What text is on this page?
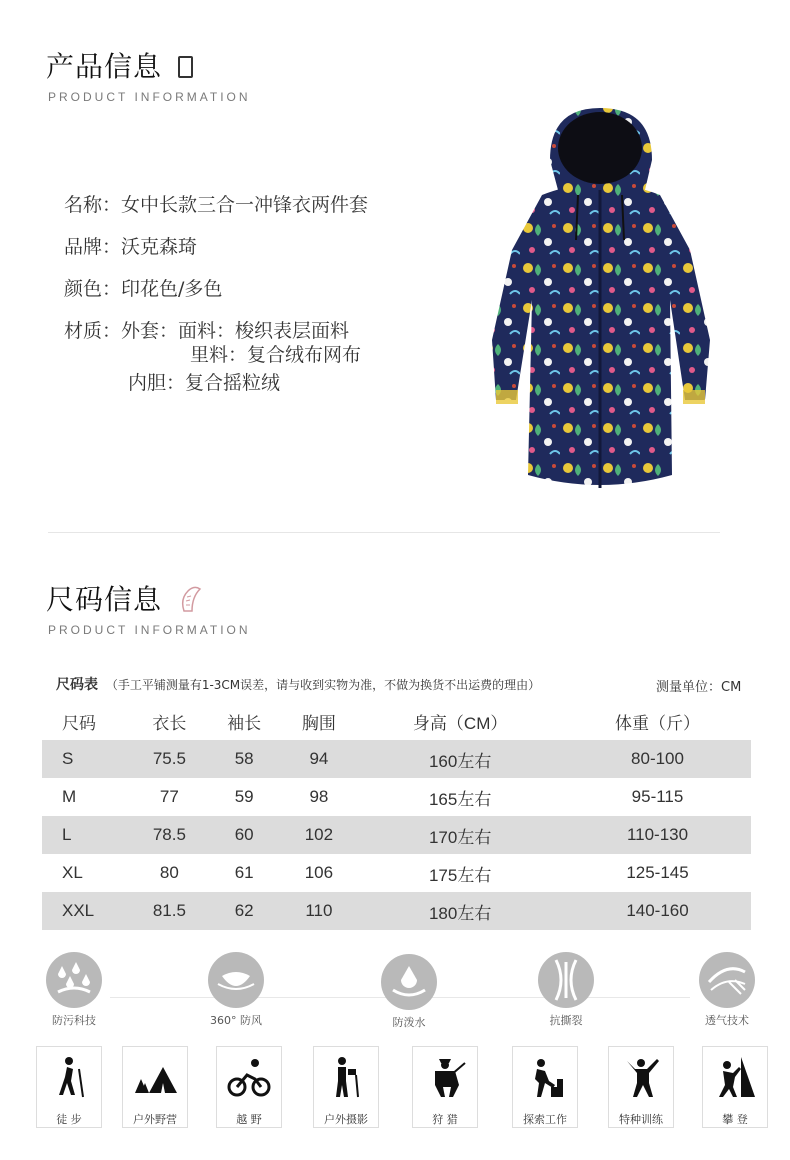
产品信息
PRODUCT INFORMATION
名称：女中长款三合一冲锋衣两件套
品牌：沃克森琦
颜色：印花色/多色
材质：外套：面料：梭织表层面料
里料：复合绒布网布
内胆：复合摇粒绒
尺码信息
PRODUCT INFORMATION
尺码表 （手工平铺测量有1-3CM误差，请与收到实物为准，不做为换货不出运费的理由）	测量单位：CM
尺码	衣长	袖长	胸围	身高（CM）	体重（斤）
S	75.5	58	94	160左右	80-100
M	77	59	98	165左右	95-115
L	78.5	60	102	170左右	110-130
XL	80	61	106	175左右	125-145
XXL	81.5	62	110	180左右	140-160
防污科技	360° 防风	防泼水	抗撕裂	透气技术
徒 步	户外野营	越 野	户外摄影	狩 猎	探索工作	特种训练	攀 登
